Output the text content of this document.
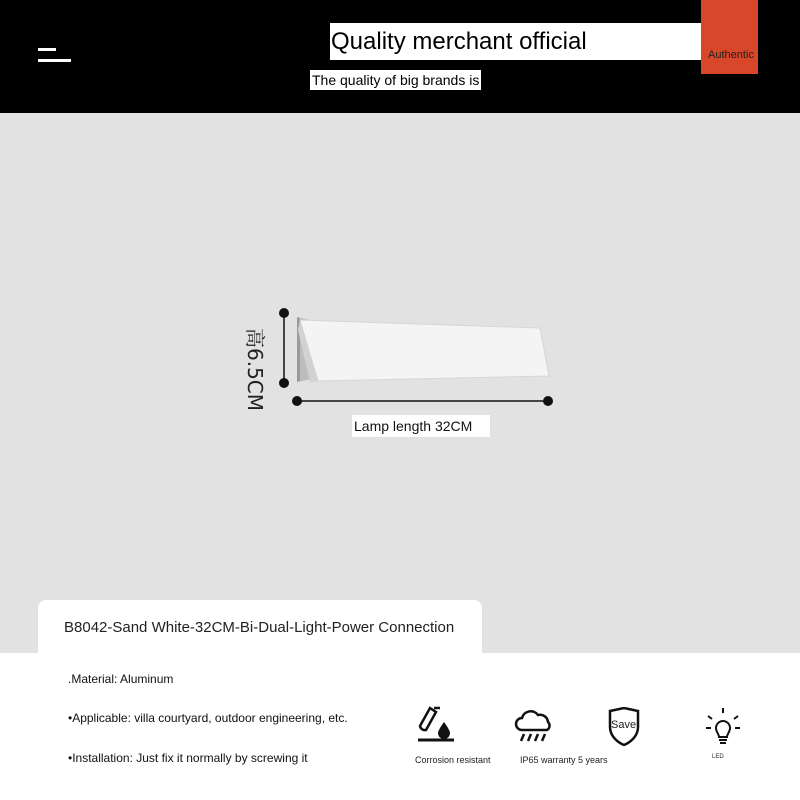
Quality merchant official	Authentic
The quality of big brands is
高6.5CM
Lamp length 32CM
B8042-Sand White-32CM-Bi-Dual-Light-Power Connection
.Material: Aluminum
•Applicable: villa courtyard, outdoor engineering, etc.
•Installation: Just fix it normally by screwing it	Corrosion resistant	IP65 warranty 5 years
Save
LED
